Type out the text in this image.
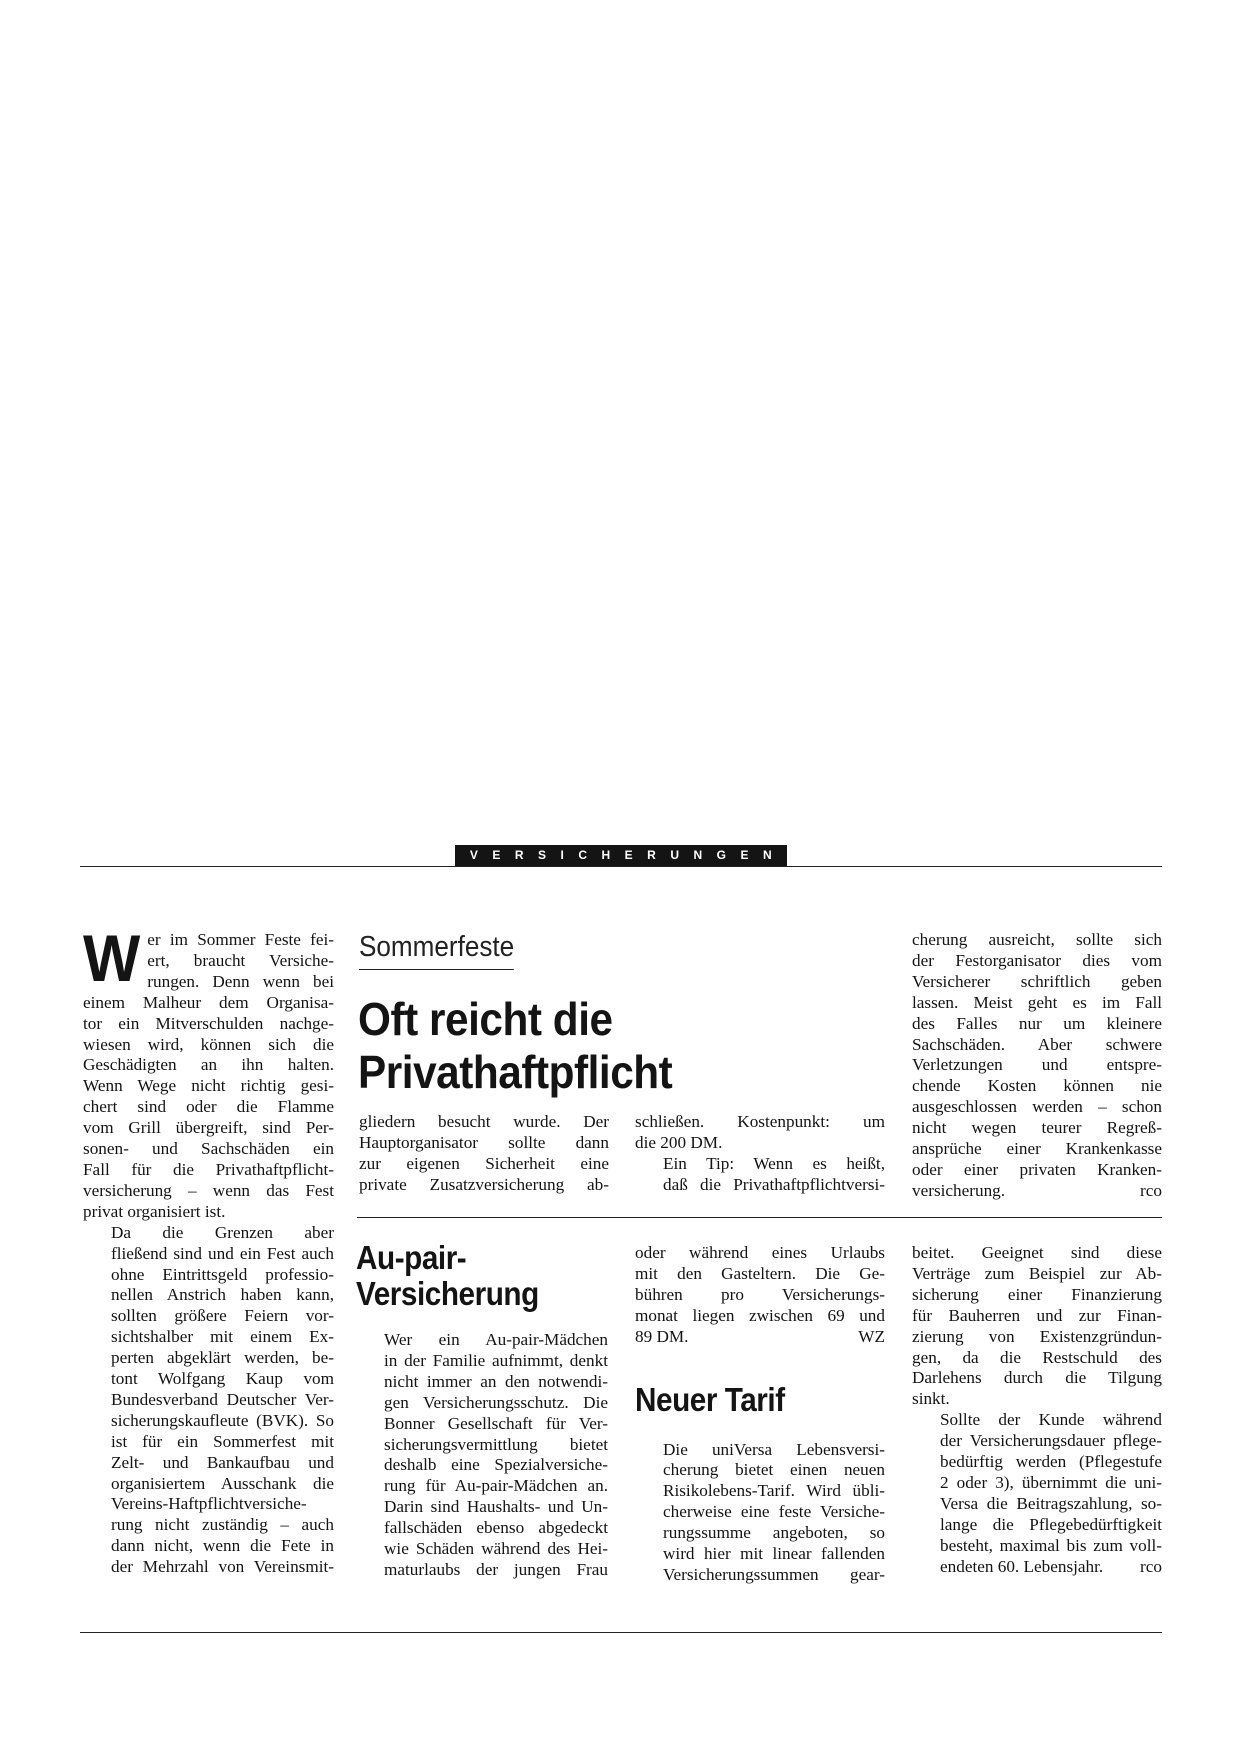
VERSICHERUNGEN

W er im Sommer Feste fei-
ert, braucht Versiche-
rungen. Denn wenn bei
einem Malheur dem Organisa-
tor ein Mitverschulden nachge-
wiesen wird, können sich die
Geschädigten an ihn halten.
Wenn Wege nicht richtig gesi-
chert sind oder die Flamme
vom Grill übergreift, sind Per-
sonen- und Sachschäden ein
Fall für die Privathaftpflicht-
versicherung – wenn das Fest
privat organisiert ist.

Da die Grenzen aber
fließend sind und ein Fest auch
ohne Eintrittsgeld professio-
nellen Anstrich haben kann,
sollten größere Feiern vor-
sichtshalber mit einem Ex-
perten abgeklärt werden, be-
tont Wolfgang Kaup vom
Bundesverband Deutscher Ver-
sicherungskaufleute (BVK). So
ist für ein Sommerfest mit
Zelt- und Bankaufbau und
organisiertem Ausschank die
Vereins-Haftpflichtversiche-
rung nicht zuständig – auch
dann nicht, wenn die Fete in
der Mehrzahl von Vereinsmit-

Sommerfeste
Oft reicht die
Privathaftpflicht

gliedern besucht wurde. Der
Hauptorganisator sollte dann
zur eigenen Sicherheit eine
private Zusatzversicherung ab-

schließen. Kostenpunkt: um
die 200 DM.

Ein Tip: Wenn es heißt,
daß die Privathaftpflichtversi-

cherung ausreicht, sollte sich
der Festorganisator dies vom
Versicherer schriftlich geben
lassen. Meist geht es im Fall
des Falles nur um kleinere
Sachschäden. Aber schwere
Verletzungen und entspre-
chende Kosten können nie
ausgeschlossen werden – schon
nicht wegen teurer Regreß-
ansprüche einer Krankenkasse
oder einer privaten Kranken-
versicherung.	rco
Au-pair-
Versicherung

Wer ein Au-pair-Mädchen
in der Familie aufnimmt, denkt
nicht immer an den notwendi-
gen Versicherungsschutz. Die
Bonner Gesellschaft für Ver-
sicherungsvermittlung bietet
deshalb eine Spezialversiche-
rung für Au-pair-Mädchen an.
Darin sind Haushalts- und Un-
fallschäden ebenso abgedeckt
wie Schäden während des Hei-
maturlaubs der jungen Frau

oder während eines Urlaubs
mit den Gasteltern. Die Ge-
bühren pro Versicherungs-
monat liegen zwischen 69 und
89 DM.	WZ
Neuer Tarif

Die uniVersa Lebensversi-
cherung bietet einen neuen
Risikolebens-Tarif. Wird übli-
cherweise eine feste Versiche-
rungssumme angeboten, so
wird hier mit linear fallenden
Versicherungssummen gear-

beitet. Geeignet sind diese
Verträge zum Beispiel zur Ab-
sicherung einer Finanzierung
für Bauherren und zur Finan-
zierung von Existenzgründun-
gen, da die Restschuld des
Darlehens durch die Tilgung
sinkt.

Sollte der Kunde während
der Versicherungsdauer pflege-
bedürftig werden (Pflegestufe
2 oder 3), übernimmt die uni-
Versa die Beitragszahlung, so-
lange die Pflegebedürftigkeit
besteht, maximal bis zum voll-
endeten 60. Lebensjahr.	rco
